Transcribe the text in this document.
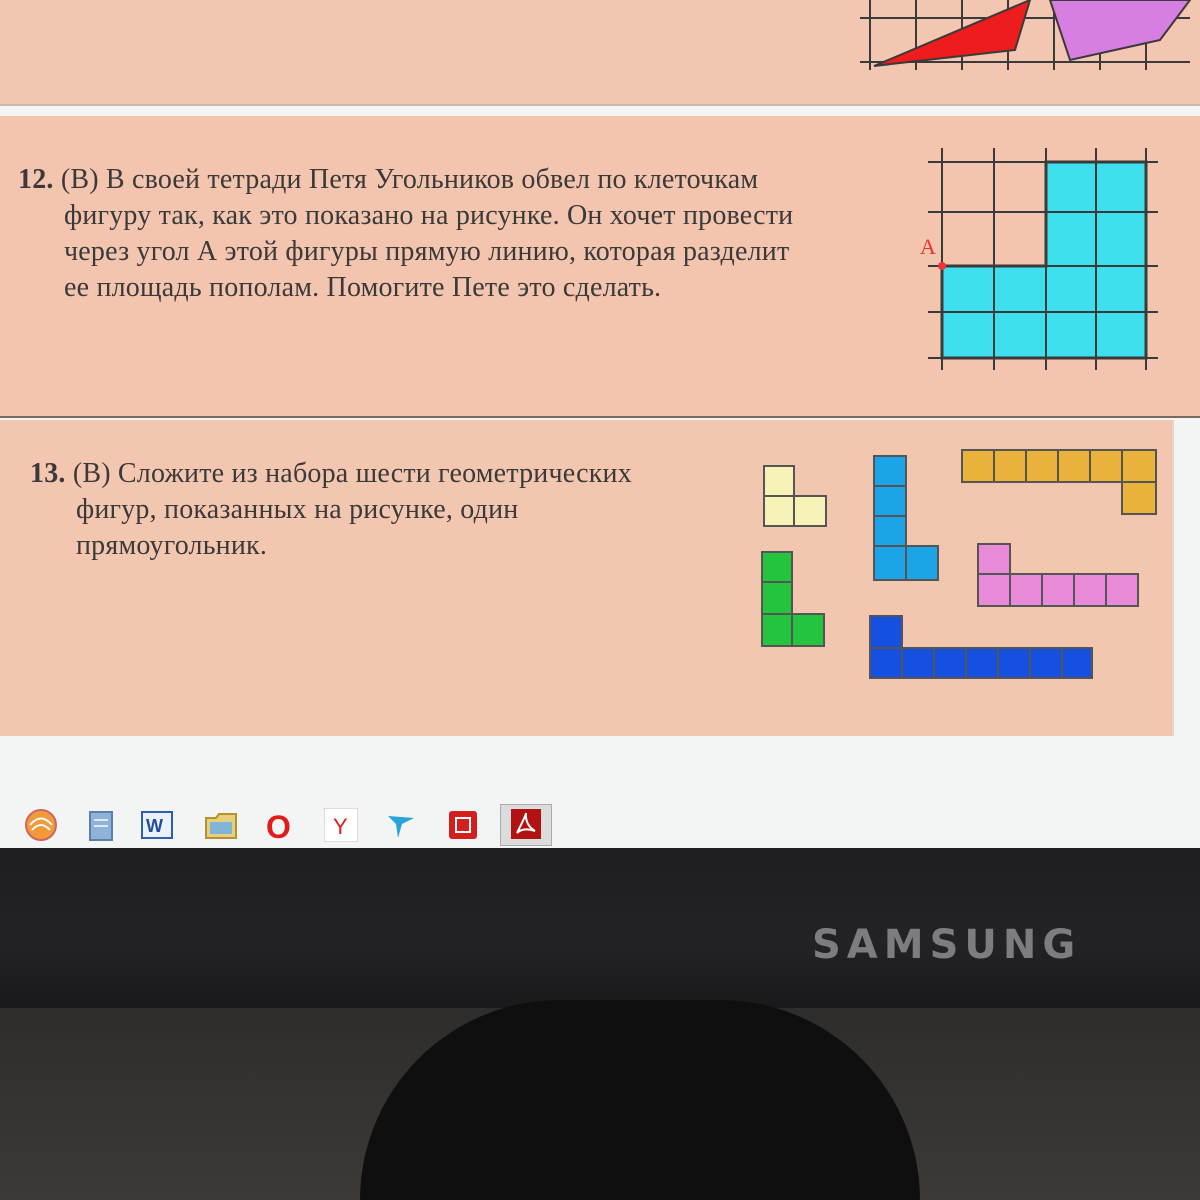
12. (В) В своей тетради Петя Угольников обвел по клеточкам

фигуру так, как это показано на рисунке. Он хочет провести

через угол А этой фигуры прямую линию, которая разделит

ее площадь пополам. Помогите Пете это сделать.

А

13. (В) Сложите из набора шести геометрических

фигур, показанных на рисунке, один

прямоугольник.

W	O Y
SAMSUNG
